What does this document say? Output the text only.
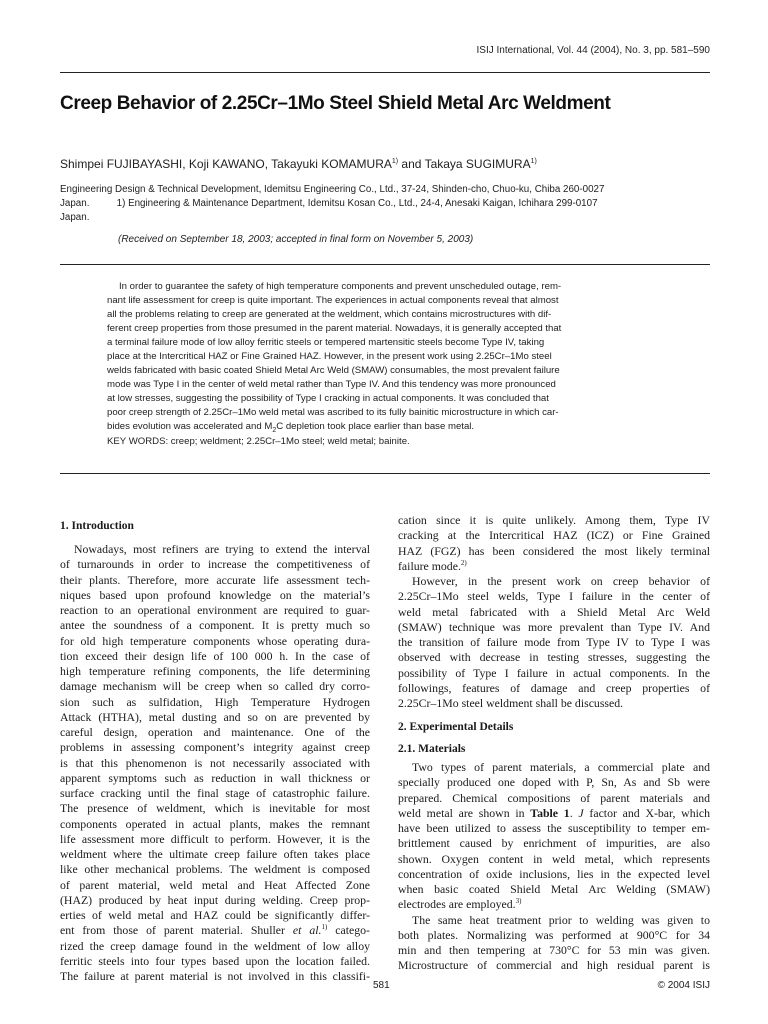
ISIJ International, Vol. 44 (2004), No. 3, pp. 581–590
Creep Behavior of 2.25Cr–1Mo Steel Shield Metal Arc Weldment
Shimpei FUJIBAYASHI, Koji KAWANO, Takayuki KOMAMURA$^{1)}$ and Takaya SUGIMURA$^{1)}$
Engineering Design & Technical Development, Idemitsu Engineering Co., Ltd., 37-24, Shinden-cho, Chuo-ku, Chiba 260-0027
Japan.          1) Engineering & Maintenance Department, Idemitsu Kosan Co., Ltd., 24-4, Anesaki Kaigan, Ichihara 299-0107
Japan.
(Received on September 18, 2003; accepted in final form on November 5, 2003)
In order to guarantee the safety of high temperature components and prevent unscheduled outage, rem-
nant life assessment for creep is quite important. The experiences in actual components reveal that almost
all the problems relating to creep are generated at the weldment, which contains microstructures with dif-
ferent creep properties from those presumed in the parent material. Nowadays, it is generally accepted that
a terminal failure mode of low alloy ferritic steels or tempered martensitic steels become Type IV, taking
place at the Intercritical HAZ or Fine Grained HAZ. However, in the present work using 2.25Cr–1Mo steel
welds fabricated with basic coated Shield Metal Arc Weld (SMAW) consumables, the most prevalent failure
mode was Type I in the center of weld metal rather than Type IV. And this tendency was more pronounced
at low stresses, suggesting the possibility of Type I cracking in actual components. It was concluded that
poor creep strength of 2.25Cr–1Mo weld metal was ascribed to its fully bainitic microstructure in which car-
bides evolution was accelerated and $M_2C$ depletion took place earlier than base metal.
KEY WORDS: creep; weldment; 2.25Cr–1Mo steel; weld metal; bainite.
1. Introduction
Nowadays, most refiners are trying to extend the interval
of turnarounds in order to increase the competitiveness of
their plants. Therefore, more accurate life assessment tech-
niques based upon profound knowledge on the material’s
reaction to an operational environment are required to guar-
antee the soundness of a component. It is pretty much so
for old high temperature components whose operating dura-
tion exceed their design life of 100 000 h. In the case of
high temperature refining components, the life determining
damage mechanism will be creep when so called dry corro-
sion such as sulfidation, High Temperature Hydrogen
Attack (HTHA), metal dusting and so on are prevented by
careful design, operation and maintenance. One of the
problems in assessing component’s integrity against creep
is that this phenomenon is not necessarily associated with
apparent symptoms such as reduction in wall thickness or
surface cracking until the final stage of catastrophic failure.
The presence of weldment, which is inevitable for most
components operated in actual plants, makes the remnant
life assessment more difficult to perform. However, it is the
weldment where the ultimate creep failure often takes place
like other mechanical problems. The weldment is composed
of parent material, weld metal and Heat Affected Zone
(HAZ) produced by heat input during welding. Creep prop-
erties of weld metal and HAZ could be significantly differ-
ent from those of parent material. Shuller et al.$^{1)}$ catego-
rized the creep damage found in the weldment of low alloy
ferritic steels into four types based upon the location failed.
The failure at parent material is not involved in this classifi-
cation since it is quite unlikely. Among them, Type IV
cracking at the Intercritical HAZ (ICZ) or Fine Grained
HAZ (FGZ) has been considered the most likely terminal
failure mode.$^{2)}$
However, in the present work on creep behavior of
2.25Cr–1Mo steel welds, Type I failure in the center of
weld metal fabricated with a Shield Metal Arc Weld
(SMAW) technique was more prevalent than Type IV. And
the transition of failure mode from Type IV to Type I was
observed with decrease in testing stresses, suggesting the
possibility of Type I failure in actual components. In the
followings, features of damage and creep properties of
2.25Cr–1Mo steel weldment shall be discussed.
2. Experimental Details
2.1. Materials
Two types of parent materials, a commercial plate and
specially produced one doped with P, Sn, As and Sb were
prepared. Chemical compositions of parent materials and
weld metal are shown in Table 1. J factor and X-bar, which
have been utilized to assess the susceptibility to temper em-
brittlement caused by enrichment of impurities, are also
shown. Oxygen content in weld metal, which represents
concentration of oxide inclusions, lies in the expected level
when basic coated Shield Metal Arc Welding (SMAW)
electrodes are employed.$^{3)}$
The same heat treatment prior to welding was given to
both plates. Normalizing was performed at 900°C for 34
min and then tempering at 730°C for 53 min was given.
Microstructure of commercial and high residual parent is
581	© 2004 ISIJ
